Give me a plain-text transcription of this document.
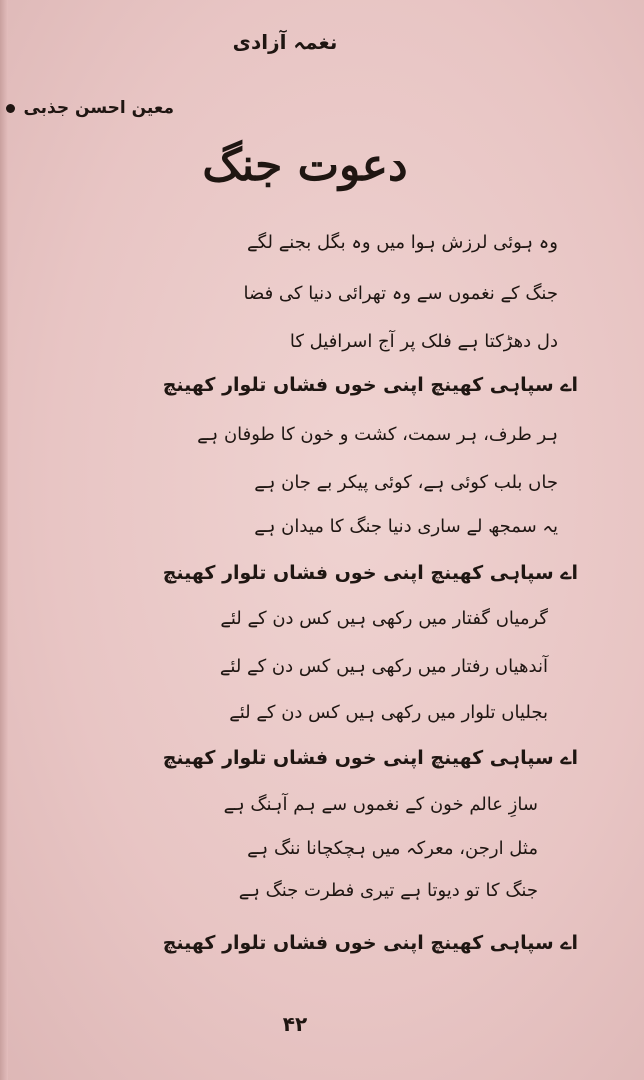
نغمہ آزادی
معین احسن جذبی
دعوت جنگ
وہ ہوئی لرزش ہوا میں وہ بگل بجنے لگے
جنگ کے نغموں سے وہ تھرائی دنیا کی فضا
دل دھڑکتا ہے فلک پر آج اسرافیل کا
اے سپاہی کھینچ اپنی خوں فشاں تلوار کھینچ
ہر طرف، ہر سمت، کشت و خون کا طوفان ہے
جاں بلب کوئی ہے، کوئی پیکر بے جان ہے
یہ سمجھ لے ساری دنیا جنگ کا میدان ہے
اے سپاہی کھینچ اپنی خوں فشاں تلوار کھینچ
گرمیاں گفتار میں رکھی ہیں کس دن کے لئے
آندھیاں رفتار میں رکھی ہیں کس دن کے لئے
بجلیاں تلوار میں رکھی ہیں کس دن کے لئے
اے سپاہی کھینچ اپنی خوں فشاں تلوار کھینچ
سازِ عالم خون کے نغموں سے ہم آہنگ ہے
مثل ارجن، معرکہ میں ہچکچانا ننگ ہے
جنگ کا تو دیوتا ہے تیری فطرت جنگ ہے
اے سپاہی کھینچ اپنی خوں فشاں تلوار کھینچ
۴۲
